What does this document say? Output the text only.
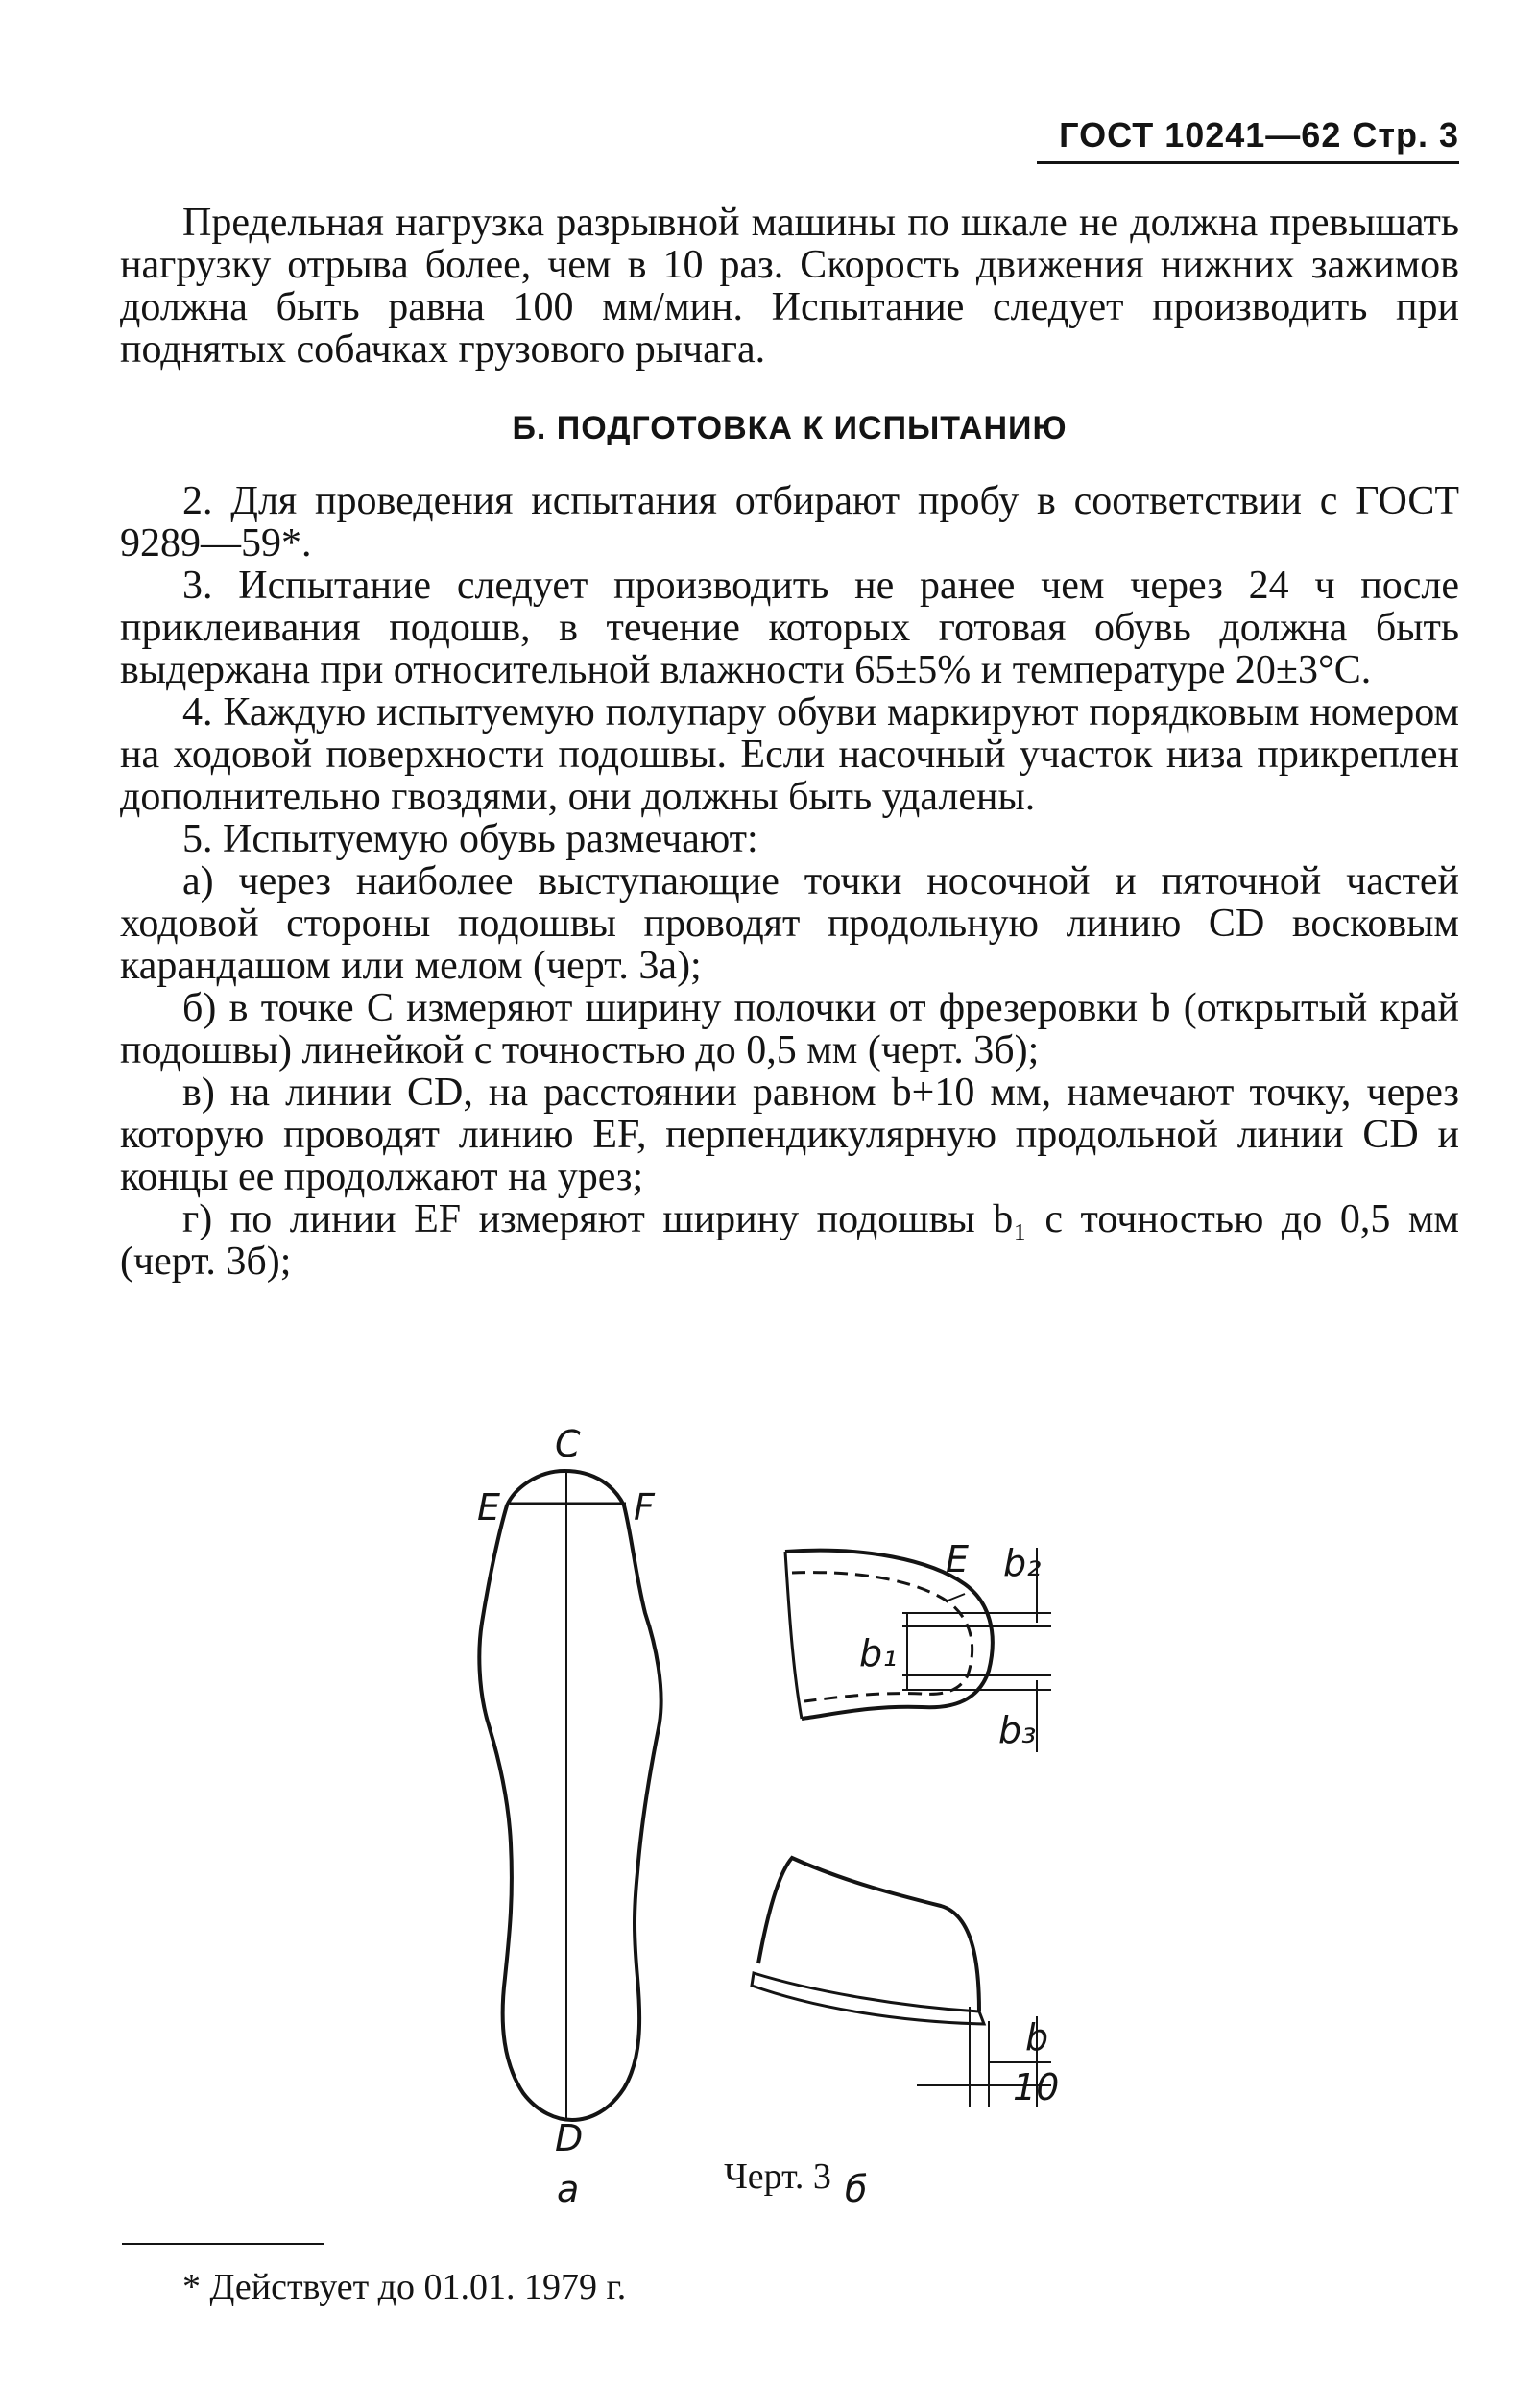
ГОСТ 10241—62 Стр. 3

Предельная нагрузка разрывной машины по шкале не должна превышать нагрузку отрыва более, чем в 10 раз. Скорость движения нижних зажимов должна быть равна 100 мм/мин. Испытание следует производить при поднятых собачках грузового рычага.

Б. ПОДГОТОВКА К ИСПЫТАНИЮ

2. Для проведения испытания отбирают пробу в соответствии с ГОСТ 9289—59*.

3. Испытание следует производить не ранее чем через 24 ч после приклеивания подошв, в течение которых готовая обувь должна быть выдержана при относительной влажности 65±5% и температуре 20±3°С.

4. Каждую испытуемую полупару обуви маркируют порядковым номером на ходовой поверхности подошвы. Если насочный участок низа прикреплен дополнительно гвоздями, они должны быть удалены.

5. Испытуемую обувь размечают:

а) через наиболее выступающие точки носочной и пяточной частей ходовой стороны подошвы проводят продольную линию CD восковым карандашом или мелом (черт. 3а);

б) в точке C измеряют ширину полочки от фрезеровки b (открытый край подошвы) линейкой с точностью до 0,5 мм (черт. 3б);

в) на линии CD, на расстоянии равном b+10 мм, намечают точку, через которую проводят линию EF, перпендикулярную продольной линии CD и концы ее продолжают на урез;

г) по линии EF измеряют ширину подошвы b₁ с точностью до 0,5 мм (черт. 3б);

C
E	F
D
а
E b₂
b₁
b₃
b
10
б
Черт. 3
* Действует до 01.01. 1979 г.
